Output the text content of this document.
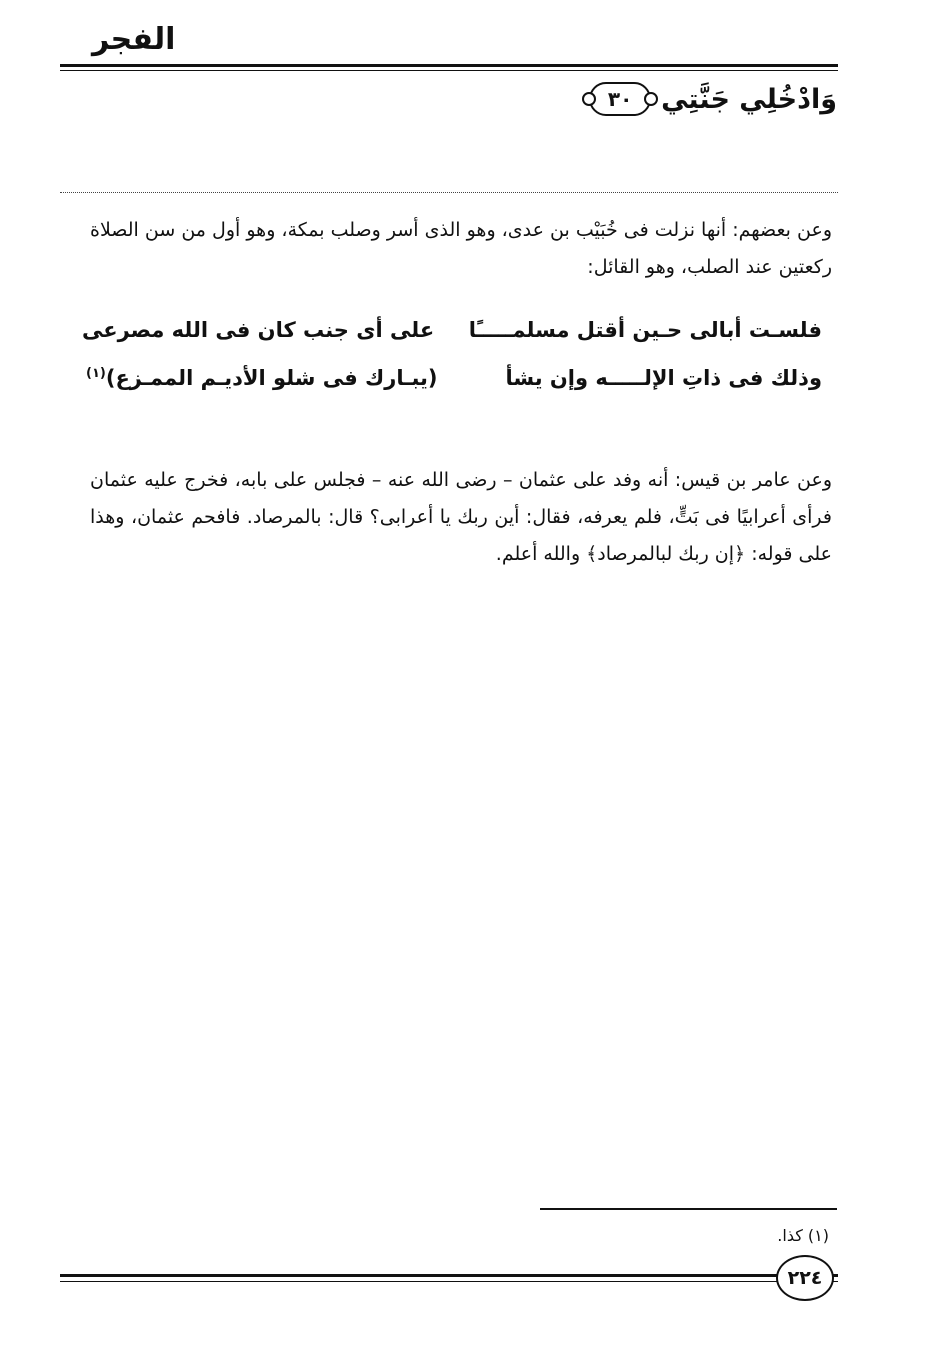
الفجر
وَادْخُلِي جَنَّتِي
٣٠

وعن بعضهم: أنها نزلت فى خُبَيْب بن عدى، وهو الذى أسر وصلب بمكة، وهو أول من سن الصلاة ركعتين عند الصلب، وهو القائل:

فلسـت أبالى حـين أقتل مسلمـــــًا
على أى جنب كان فى الله مصرعى
وذلك فى ذاتِ الإلـــــه وإن يشأ
(يبـارك فى شلو الأديـم الممـزع)$^{(١)}$

وعن عامر بن قيس: أنه وفد على عثمان – رضى الله عنه – فجلس على بابه، فخرج عليه عثمان فرأى أعرابيًا فى بَتٍّ، فلم يعرفه، فقال: أين ربك يا أعرابى؟ قال: بالمرصاد. فافحم عثمان، وهذا على قوله: ﴿إن ربك لبالمرصاد﴾ والله أعلم.

(١) كذا.
٢٢٤
